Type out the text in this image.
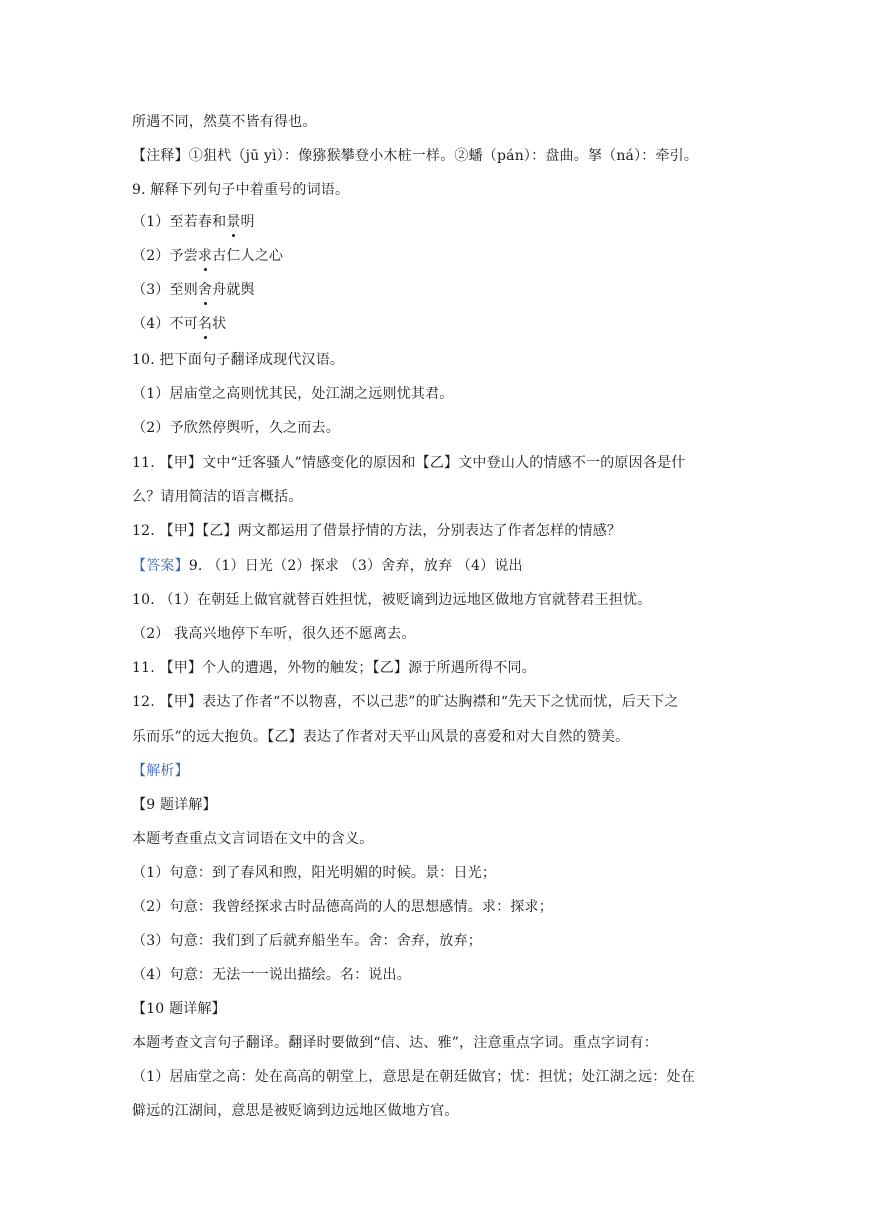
所遇不同，然莫不皆有得也。
【注释】①狙杙（jū yì）：像猕猴攀登小木桩一样。②蟠（pán）：盘曲。拏（ná）：牵引。
9. 解释下列句子中着重号的词语。
（1）至若春和景明
（2）予尝求古仁人之心
（3）至则舍舟就舆
（4）不可名状
10. 把下面句子翻译成现代汉语。
（1）居庙堂之高则忧其民，处江湖之远则忧其君。
（2）予欣然停舆听，久之而去。
11. 【甲】文中“迁客骚人”情感变化的原因和【乙】文中登山人的情感不一的原因各是什
么？请用简洁的语言概括。
12. 【甲】【乙】两文都运用了借景抒情的方法，分别表达了作者怎样的情感？
【答案】9. （1）日光（2）探求 （3）舍弃，放弃 （4）说出
10. （1）在朝廷上做官就替百姓担忧，被贬谪到边远地区做地方官就替君王担忧。
（2） 我高兴地停下车听，很久还不愿离去。
11. 【甲】个人的遭遇，外物的触发；【乙】源于所遇所得不同。
12. 【甲】表达了作者“不以物喜，不以己悲”的旷达胸襟和“先天下之忧而忧，后天下之
乐而乐”的远大抱负。【乙】表达了作者对天平山风景的喜爱和对大自然的赞美。
【解析】
【9 题详解】
本题考查重点文言词语在文中的含义。
（1）句意：到了春风和煦，阳光明媚的时候。景：日光；
（2）句意：我曾经探求古时品德高尚的人的思想感情。求：探求；
（3）句意：我们到了后就弃船坐车。舍：舍弃，放弃；
（4）句意：无法一一说出描绘。名：说出。
【10 题详解】
本题考查文言句子翻译。翻译时要做到“信、达、雅”，注意重点字词。重点字词有：
（1）居庙堂之高：处在高高的朝堂上，意思是在朝廷做官；忧：担忧；处江湖之远：处在
僻远的江湖间，意思是被贬谪到边远地区做地方官。
